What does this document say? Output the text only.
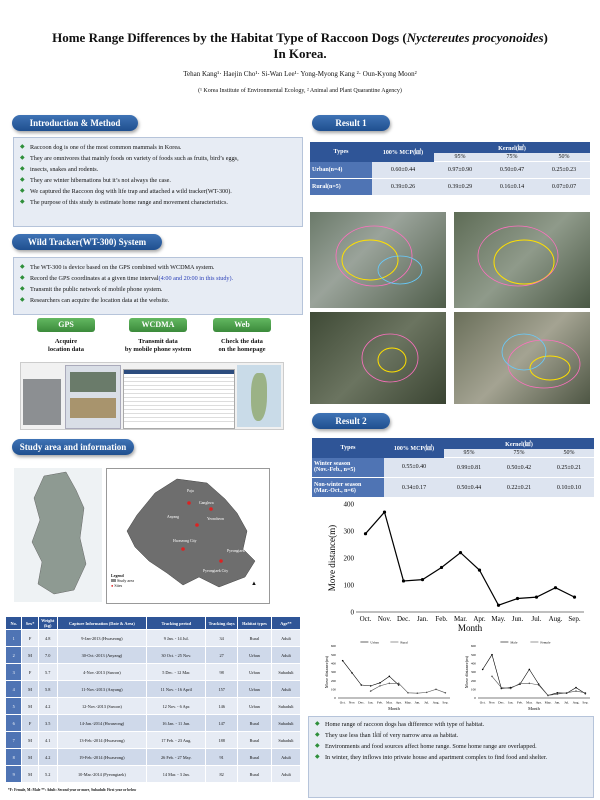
Home Range Differences by the Habitat Type of Raccoon Dogs (Nyctereutes procyonoides)
In Korea.
Tehan Kang¹· Haejin Cho¹· Si-Wan Lee¹· Yong-Myong Kang ²· Oun-Kyong Moon²
(¹ Korea Institute of Environmental Ecology, ² Animal and Plant Quarantine Agency)
Introduction & Method
◆ Raccoon dog is one of the most common mammals in Korea.
◆ They are omnivores that mainly foods on variety of foods such as fruits, bird’s eggs,
◆ insects, snakes and rodents.
◆ They are winter hibernations but it’s not always the case.
◆ We captured the Raccoon dog with life trap and attached a wild tracker(WT-300).
◆ The purpose of this study is estimate home range and movement characteristics.
Wild Tracker(WT-300) System
◆ The WT-300 is device based on the GPS combined with WCDMA system.
◆ Record the GPS coordinates at a given time interval(4:00 and 20:00 in this study).
◆ Transmit the public network of mobile phone system.
◆ Researchers can acquire the location data at the website.
GPS	WCDMA	Web
Acquire
location data
Transmit data
by mobile phone system
Check the data
on the homepage
Study area and information
Paju
Ganghwa
Yeoncheon
Anyang
Pyeongtaek
Hwaseong City
Pyeongtaek City
Legend
Study area
● Sites	▲
No.	Sex*	Weight (kg)	Capture Information (Date & Area)	Tracking period	Tracking days	Habitat types	Age**
1	F	4.8	9-Jan-2013 (Hwaseong)	9 Jan. - 14 Jul.	34	Rural	Adult
2	M	7.0	30-Oct.-2013 (Anyang)	30 Oct. - 25 Nov.	27	Urban	Adult
3	F	5.7	4-Nov.-2013 (Suwon)	5 Dec. - 12 Mar.	98	Urban	Subadult
4	M	5.8	11-Nov.-2013 (Anyang)	11 Nov. - 16 April	157	Urban	Adult
5	M	4.2	12-Nov.-2013 (Suwon)	12 Nov. - 6 Apr.	146	Urban	Subadult
6	F	3.5	14-Jan.-2014 (Hwaseong)	16 Jan. - 11 Jun.	147	Rural	Subadult
7	M	4.1	13-Feb.-2014 (Hwaseong)	17 Feb. - 23 Aug.	188	Rural	Subadult
8	M	4.2	19-Feb.-2014 (Hwaseong)	26 Feb. - 27 May.	91	Rural	Adult
9	M	5.2	10-Mar.-2014 (Pyeongtaek)	14 Mar. - 3 Jan.	82	Rural	Adult
*F: Female, M: Male **: Adult: Second year or more, Subadult: First year or below
Result 1
Types	100% MCP(㎢)	Kernel(㎢)		
		95%	75%	50%
Urban(n=4)	0.60±0.44	0.97±0.90	0.50±0.47	0.25±0.23
Rural(n=5)	0.39±0.26	0.39±0.29	0.16±0.14	0.07±0.07
Result 2
Types	100% MCP(㎢)	Kernel(㎢)		
		95%	75%	50%
Winter season
(Nov.-Feb., n=5)	0.55±0.40	0.99±0.81	0.50±0.42	0.25±0.21
Non-winter season
(Mar.-Oct., n=6)	0.34±0.17	0.50±0.44	0.22±0.21	0.10±0.10
0
100
200
300
400
Oct. Nov. Dec. Jan. Feb. Mar. Apr. May. Jun. Jul. Aug. Sep.
Month
Move distance(m)
0
100
200
300
400
500
600
Oct. Nov. Dec. Jan. Feb. Mar. Apr. May. Jun. Jul. Aug. Sep.
Month
Move distance(m)
Urban	Rural
0
100
200
300
400
500
600
Oct. Nov. Dec. Jan. Feb. Mar. Apr. May. Jun. Jul. Aug. Sep.
Month
Move distance(m)
Male	Female
◆ Home range of raccoon dogs has difference with type of habitat.
◆ They use less than 1㎢ of very narrow area as habitat.
◆ Environments and food sources affect home range. Some home range are overlapped.
◆ In winter, they inflows into private house and apartment complex to find food and shelter.
